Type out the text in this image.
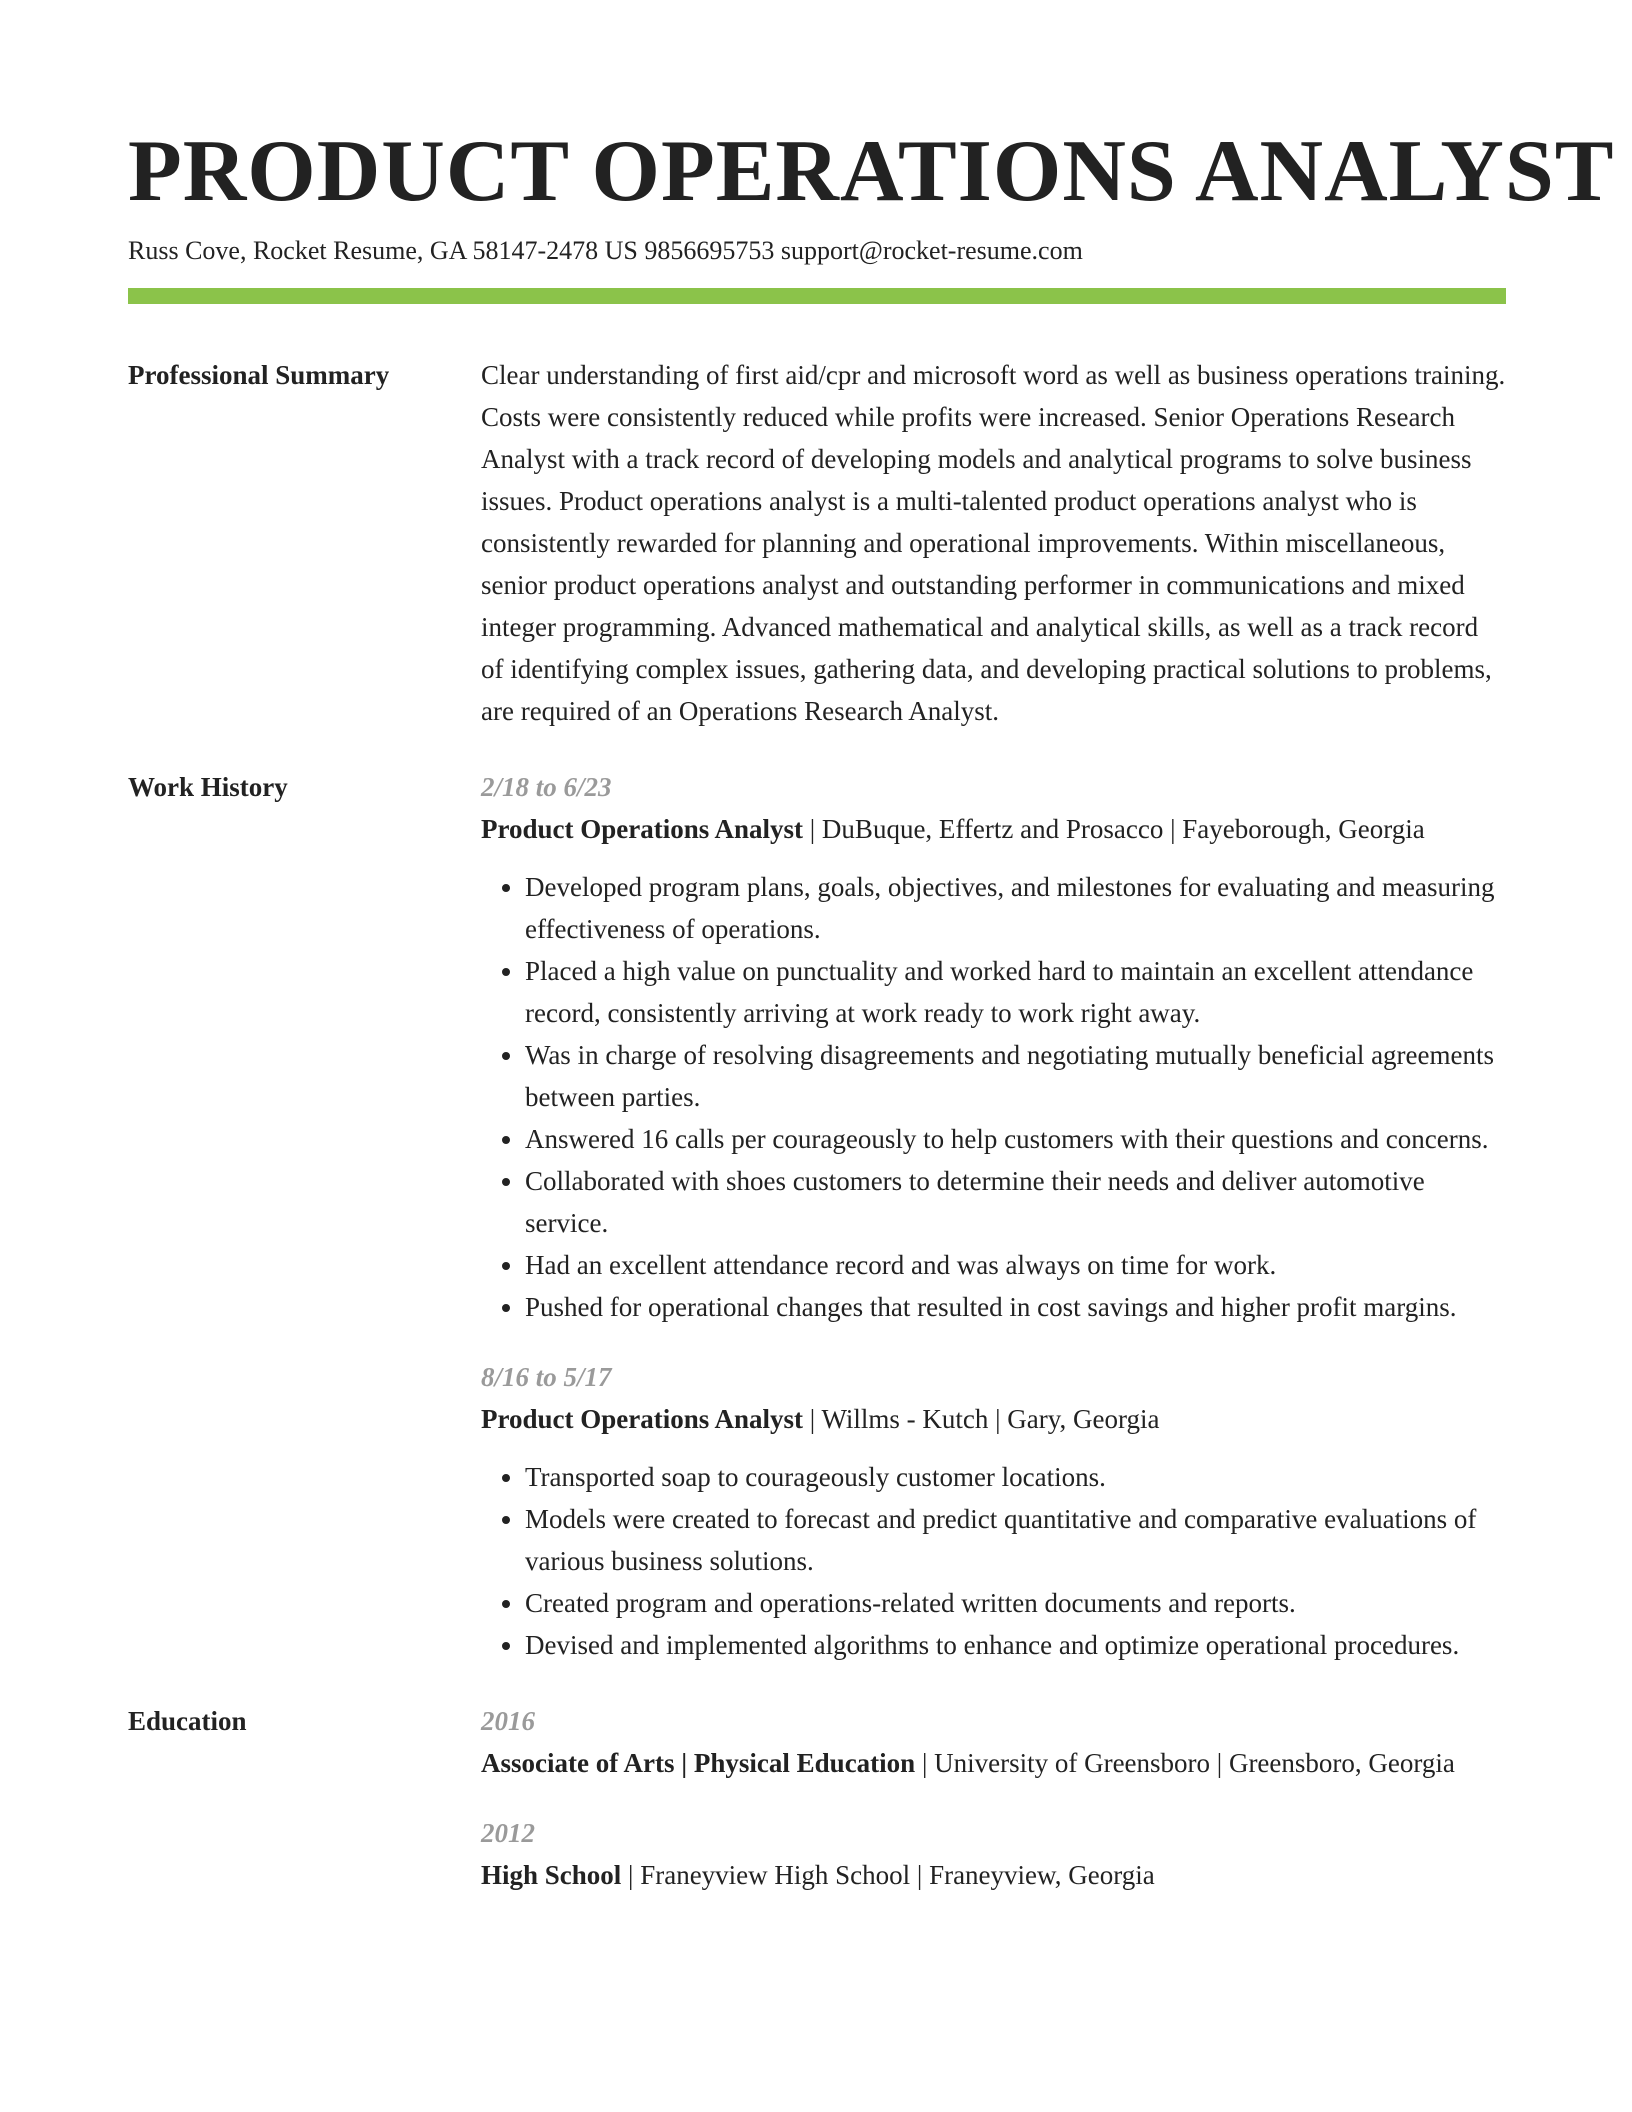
PRODUCT OPERATIONS ANALYST
Russ Cove, Rocket Resume, GA 58147-2478 US 9856695753 support@rocket-resume.com
Professional Summary	Clear understanding of first aid/cpr and microsoft word as well as business operations training. Costs were consistently reduced while profits were increased. Senior Operations Research Analyst with a track record of developing models and analytical programs to solve business issues. Product operations analyst is a multi-talented product operations analyst who is consistently rewarded for planning and operational improvements. Within miscellaneous, senior product operations analyst and outstanding performer in communications and mixed integer programming. Advanced mathematical and analytical skills, as well as a track record of identifying complex issues, gathering data, and developing practical solutions to problems, are required of an Operations Research Analyst.

Work History	2/18 to 6/23
Product Operations Analyst | DuBuque, Effertz and Prosacco | Fayeborough, Georgia
• Developed program plans, goals, objectives, and milestones for evaluating and measuring effectiveness of operations.
• Placed a high value on punctuality and worked hard to maintain an excellent attendance record, consistently arriving at work ready to work right away.
• Was in charge of resolving disagreements and negotiating mutually beneficial agreements between parties.
• Answered 16 calls per courageously to help customers with their questions and concerns.
• Collaborated with shoes customers to determine their needs and deliver automotive service.
• Had an excellent attendance record and was always on time for work.
• Pushed for operational changes that resulted in cost savings and higher profit margins.
8/16 to 5/17
Product Operations Analyst | Willms - Kutch | Gary, Georgia
• Transported soap to courageously customer locations.
• Models were created to forecast and predict quantitative and comparative evaluations of various business solutions.
• Created program and operations-related written documents and reports.
• Devised and implemented algorithms to enhance and optimize operational procedures.
Education	2016
Associate of Arts | Physical Education | University of Greensboro | Greensboro, Georgia
2012
High School | Franeyview High School | Franeyview, Georgia
